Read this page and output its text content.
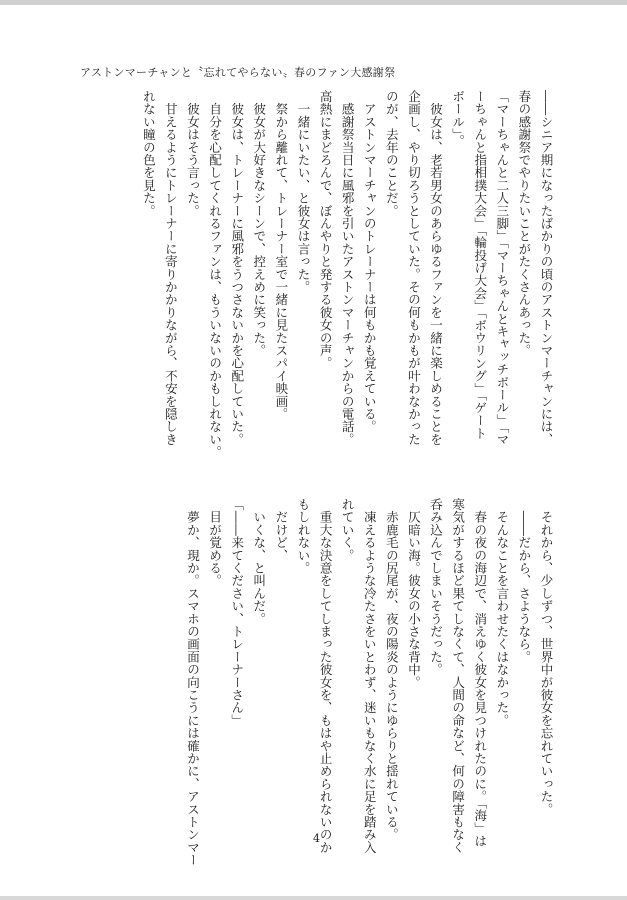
アストンマーチャンと〝忘れてやらない〟春のファン大感謝祭
――シニア期になったばかりの頃のアストンマーチャンには、
春の感謝祭でやりたいことがたくさんあった。
「マーちゃんと二人三脚」「マーちゃんとキャッチボール」「マ
ーちゃんと指相撲大会」「輪投げ大会」「ボウリング」「ゲート
ボール」。
　彼女は、老若男女のあらゆるファンを一緒に楽しめることを
企画し、やり切ろうとしていた。その何もかもが叶わなかった
のが、去年のことだ。
　アストンマーチャンのトレーナーは何もかも覚えている。
　感謝祭当日に風邪を引いたアストンマーチャンからの電話。
高熱にまどろんで、ぼんやりと発する彼女の声。
　一緒にいたい、と彼女は言った。
　祭から離れて、トレーナー室で一緒に見たスパイ映画。
　彼女が大好きなシーンで、控えめに笑った。
　彼女は、トレーナーに風邪をうつさないかを心配していた。
　自分を心配してくれるファンは、もういないのかもしれない。
　彼女はそう言った。
　甘えるようにトレーナーに寄りかかりながら、不安を隠しき
れない瞳の色を見た。
　それから、少しずつ、世界中が彼女を忘れていった。
　――だから、さようなら。
　そんなことを言わせたくはなかった。
　春の夜の海辺で、消えゆく彼女を見つけれたのに。「海」は
寒気がするほど果てしなくて、人間の命など、何の障害もなく
呑み込んでしまいそうだった。
　仄暗い海。彼女の小さな背中。
　赤鹿毛の尻尾が、夜の陽炎のようにゆらりと揺れている。
　凍えるような冷たさをいとわず、迷いもなく水に足を踏み入
れていく。
　重大な決意をしてしまった彼女を、もはや止められないのか
もしれない。
　だけど、
　いくな、と叫んだ。
「――来てください、トレーナーさん」
　目が覚める。
　夢か、現か。スマホの画面の向こうには確かに、アストンマー	4
